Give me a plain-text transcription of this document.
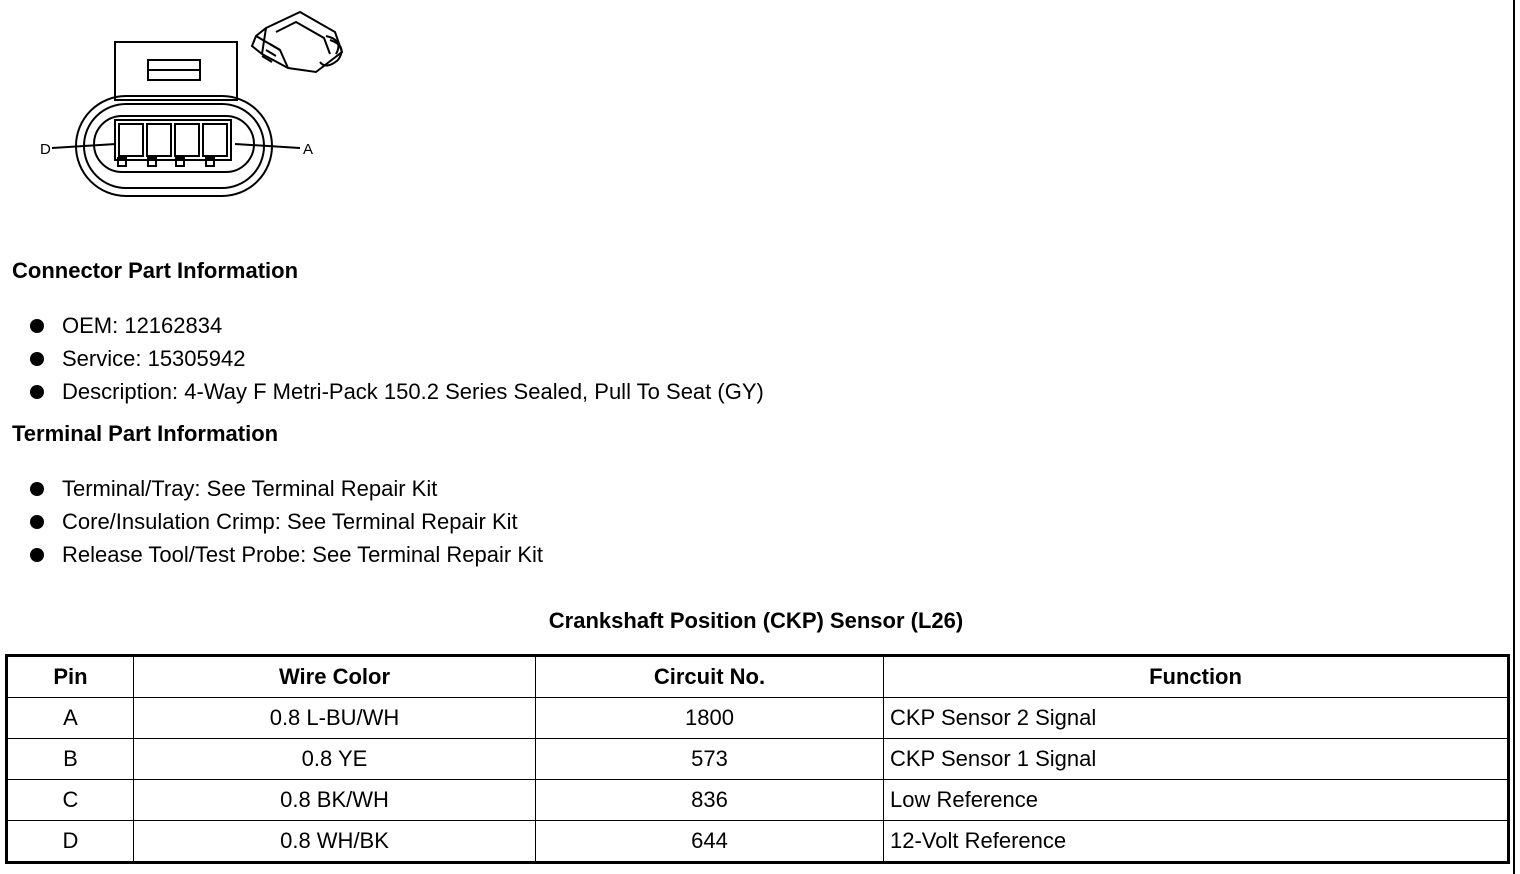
D	A
Connector Part Information
OEM: 12162834
Service: 15305942
Description: 4-Way F Metri-Pack 150.2 Series Sealed, Pull To Seat (GY)
Terminal Part Information
Terminal/Tray: See Terminal Repair Kit
Core/Insulation Crimp: See Terminal Repair Kit
Release Tool/Test Probe: See Terminal Repair Kit
Crankshaft Position (CKP) Sensor (L26)
Pin	Wire Color	Circuit No.	Function
A	0.8 L-BU/WH	1800	CKP Sensor 2 Signal
B	0.8 YE	573	CKP Sensor 1 Signal
C	0.8 BK/WH	836	Low Reference
D	0.8 WH/BK	644	12-Volt Reference
